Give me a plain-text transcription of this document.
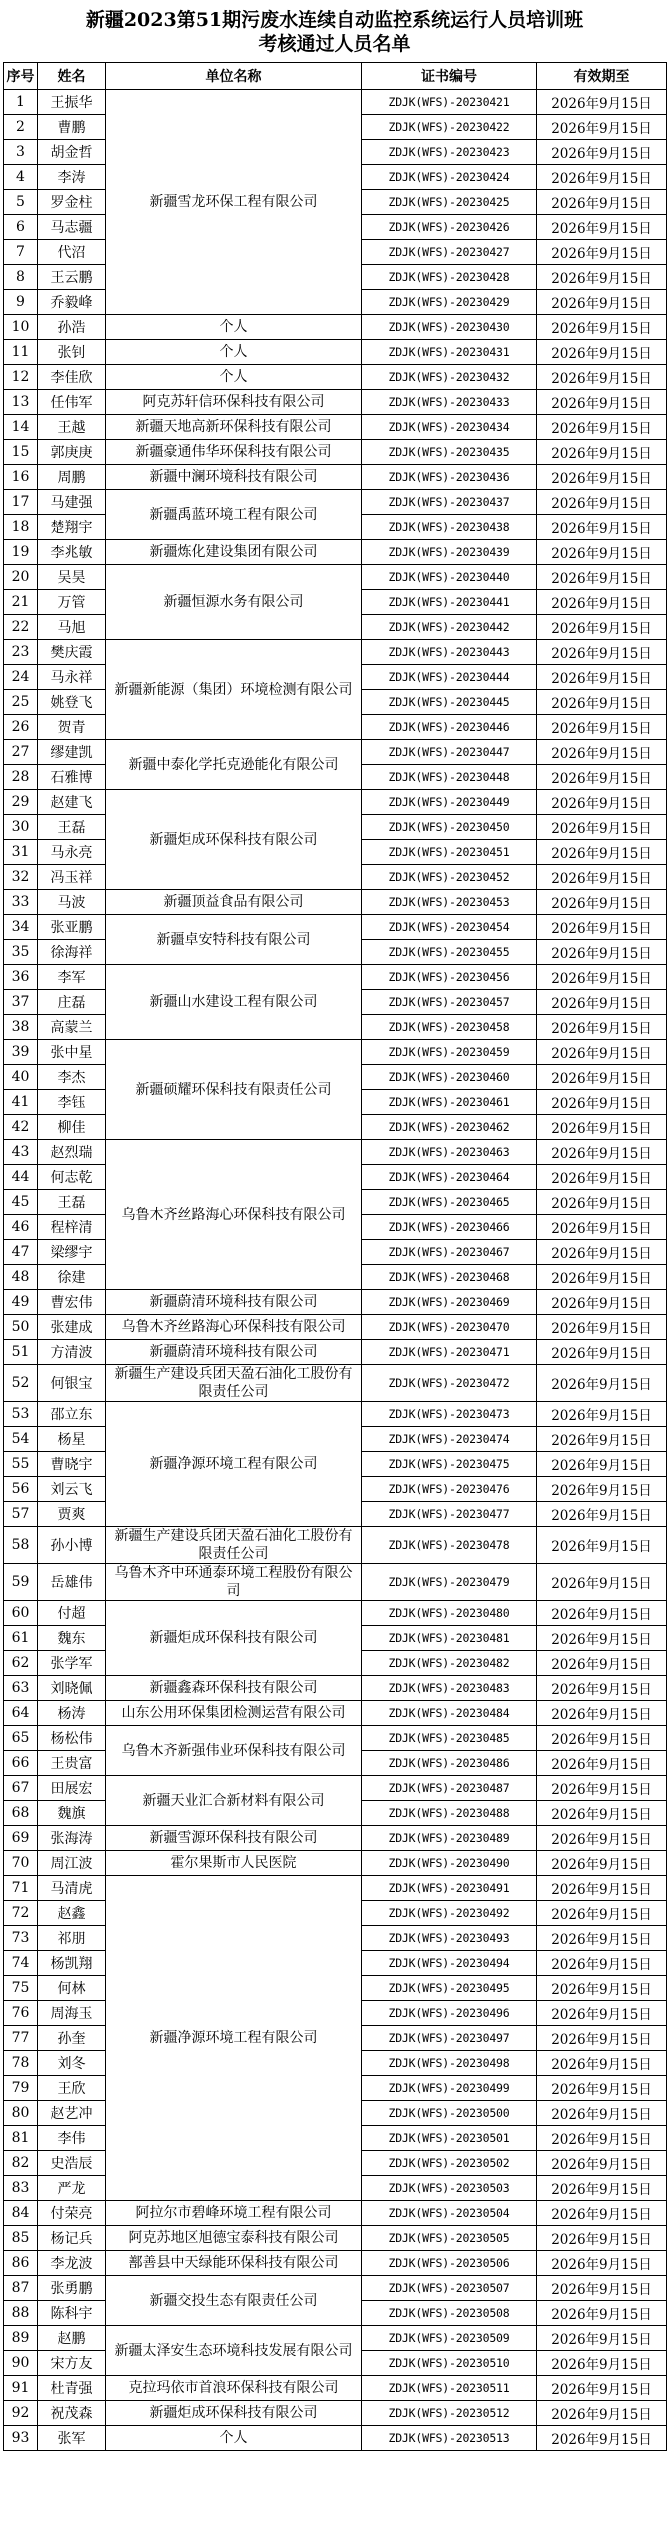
新疆2023第51期污废水连续自动监控系统运行人员培训班
考核通过人员名单
序号	姓名	单位名称	证书编号	有效期至
1	王振华	新疆雪龙环保工程有限公司	ZDJK(WFS)-20230421	2026年9月15日
2	曹鹏		ZDJK(WFS)-20230422	2026年9月15日
3	胡金哲		ZDJK(WFS)-20230423	2026年9月15日
4	李涛		ZDJK(WFS)-20230424	2026年9月15日
5	罗金柱		ZDJK(WFS)-20230425	2026年9月15日
6	马志疆		ZDJK(WFS)-20230426	2026年9月15日
7	代沼		ZDJK(WFS)-20230427	2026年9月15日
8	王云鹏		ZDJK(WFS)-20230428	2026年9月15日
9	乔毅峰		ZDJK(WFS)-20230429	2026年9月15日
10	孙浩	个人	ZDJK(WFS)-20230430	2026年9月15日
11	张钊	个人	ZDJK(WFS)-20230431	2026年9月15日
12	李佳欣	个人	ZDJK(WFS)-20230432	2026年9月15日
13	任伟军	阿克苏轩信环保科技有限公司	ZDJK(WFS)-20230433	2026年9月15日
14	王越	新疆天地高新环保科技有限公司	ZDJK(WFS)-20230434	2026年9月15日
15	郭庚庚	新疆豪通伟华环保科技有限公司	ZDJK(WFS)-20230435	2026年9月15日
16	周鹏	新疆中澜环境科技有限公司	ZDJK(WFS)-20230436	2026年9月15日
17	马建强	新疆禹蓝环境工程有限公司	ZDJK(WFS)-20230437	2026年9月15日
18	楚翔宇		ZDJK(WFS)-20230438	2026年9月15日
19	李兆敏	新疆炼化建设集团有限公司	ZDJK(WFS)-20230439	2026年9月15日
20	吴昊	新疆恒源水务有限公司	ZDJK(WFS)-20230440	2026年9月15日
21	万管		ZDJK(WFS)-20230441	2026年9月15日
22	马旭		ZDJK(WFS)-20230442	2026年9月15日
23	樊庆霞	新疆新能源（集团）环境检测有限公司	ZDJK(WFS)-20230443	2026年9月15日
24	马永祥		ZDJK(WFS)-20230444	2026年9月15日
25	姚登飞		ZDJK(WFS)-20230445	2026年9月15日
26	贺青		ZDJK(WFS)-20230446	2026年9月15日
27	缪建凯	新疆中泰化学托克逊能化有限公司	ZDJK(WFS)-20230447	2026年9月15日
28	石雅博		ZDJK(WFS)-20230448	2026年9月15日
29	赵建飞	新疆炬成环保科技有限公司	ZDJK(WFS)-20230449	2026年9月15日
30	王磊		ZDJK(WFS)-20230450	2026年9月15日
31	马永亮		ZDJK(WFS)-20230451	2026年9月15日
32	冯玉祥		ZDJK(WFS)-20230452	2026年9月15日
33	马波	新疆顶益食品有限公司	ZDJK(WFS)-20230453	2026年9月15日
34	张亚鹏	新疆卓安特科技有限公司	ZDJK(WFS)-20230454	2026年9月15日
35	徐海祥		ZDJK(WFS)-20230455	2026年9月15日
36	李军	新疆山水建设工程有限公司	ZDJK(WFS)-20230456	2026年9月15日
37	庄磊		ZDJK(WFS)-20230457	2026年9月15日
38	高蒙兰		ZDJK(WFS)-20230458	2026年9月15日
39	张中星	新疆硕耀环保科技有限责任公司	ZDJK(WFS)-20230459	2026年9月15日
40	李杰		ZDJK(WFS)-20230460	2026年9月15日
41	李钰		ZDJK(WFS)-20230461	2026年9月15日
42	柳佳		ZDJK(WFS)-20230462	2026年9月15日
43	赵烈瑞	乌鲁木齐丝路海心环保科技有限公司	ZDJK(WFS)-20230463	2026年9月15日
44	何志乾		ZDJK(WFS)-20230464	2026年9月15日
45	王磊		ZDJK(WFS)-20230465	2026年9月15日
46	程梓清		ZDJK(WFS)-20230466	2026年9月15日
47	梁缪宇		ZDJK(WFS)-20230467	2026年9月15日
48	徐建		ZDJK(WFS)-20230468	2026年9月15日
49	曹宏伟	新疆蔚清环境科技有限公司	ZDJK(WFS)-20230469	2026年9月15日
50	张建成	乌鲁木齐丝路海心环保科技有限公司	ZDJK(WFS)-20230470	2026年9月15日
51	方清波	新疆蔚清环境科技有限公司	ZDJK(WFS)-20230471	2026年9月15日
52	何银宝	新疆生产建设兵团天盈石油化工股份有限责任公司	ZDJK(WFS)-20230472	2026年9月15日
53	邵立东	新疆净源环境工程有限公司	ZDJK(WFS)-20230473	2026年9月15日
54	杨星		ZDJK(WFS)-20230474	2026年9月15日
55	曹晓宇		ZDJK(WFS)-20230475	2026年9月15日
56	刘云飞		ZDJK(WFS)-20230476	2026年9月15日
57	贾爽		ZDJK(WFS)-20230477	2026年9月15日
58	孙小博	新疆生产建设兵团天盈石油化工股份有限责任公司	ZDJK(WFS)-20230478	2026年9月15日
59	岳雄伟	乌鲁木齐中环通泰环境工程股份有限公司	ZDJK(WFS)-20230479	2026年9月15日
60	付超	新疆炬成环保科技有限公司	ZDJK(WFS)-20230480	2026年9月15日
61	魏东		ZDJK(WFS)-20230481	2026年9月15日
62	张学军		ZDJK(WFS)-20230482	2026年9月15日
63	刘晓佩	新疆鑫森环保科技有限公司	ZDJK(WFS)-20230483	2026年9月15日
64	杨涛	山东公用环保集团检测运营有限公司	ZDJK(WFS)-20230484	2026年9月15日
65	杨松伟	乌鲁木齐新强伟业环保科技有限公司	ZDJK(WFS)-20230485	2026年9月15日
66	王贵富		ZDJK(WFS)-20230486	2026年9月15日
67	田展宏	新疆天业汇合新材料有限公司	ZDJK(WFS)-20230487	2026年9月15日
68	魏旗		ZDJK(WFS)-20230488	2026年9月15日
69	张海涛	新疆雪源环保科技有限公司	ZDJK(WFS)-20230489	2026年9月15日
70	周江波	霍尔果斯市人民医院	ZDJK(WFS)-20230490	2026年9月15日
71	马清虎	新疆净源环境工程有限公司	ZDJK(WFS)-20230491	2026年9月15日
72	赵鑫		ZDJK(WFS)-20230492	2026年9月15日
73	祁朋		ZDJK(WFS)-20230493	2026年9月15日
74	杨凯翔		ZDJK(WFS)-20230494	2026年9月15日
75	何林		ZDJK(WFS)-20230495	2026年9月15日
76	周海玉		ZDJK(WFS)-20230496	2026年9月15日
77	孙奎		ZDJK(WFS)-20230497	2026年9月15日
78	刘冬		ZDJK(WFS)-20230498	2026年9月15日
79	王欣		ZDJK(WFS)-20230499	2026年9月15日
80	赵艺冲		ZDJK(WFS)-20230500	2026年9月15日
81	李伟		ZDJK(WFS)-20230501	2026年9月15日
82	史浩辰		ZDJK(WFS)-20230502	2026年9月15日
83	严龙		ZDJK(WFS)-20230503	2026年9月15日
84	付荣亮	阿拉尔市碧峰环境工程有限公司	ZDJK(WFS)-20230504	2026年9月15日
85	杨记兵	阿克苏地区旭德宝泰科技有限公司	ZDJK(WFS)-20230505	2026年9月15日
86	李龙波	鄯善县中天绿能环保科技有限公司	ZDJK(WFS)-20230506	2026年9月15日
87	张勇鹏	新疆交投生态有限责任公司	ZDJK(WFS)-20230507	2026年9月15日
88	陈科宇		ZDJK(WFS)-20230508	2026年9月15日
89	赵鹏	新疆太泽安生态环境科技发展有限公司	ZDJK(WFS)-20230509	2026年9月15日
90	宋方友		ZDJK(WFS)-20230510	2026年9月15日
91	杜青强	克拉玛依市首浪环保科技有限公司	ZDJK(WFS)-20230511	2026年9月15日
92	祝茂森	新疆炬成环保科技有限公司	ZDJK(WFS)-20230512	2026年9月15日
93	张军	个人	ZDJK(WFS)-20230513	2026年9月15日
